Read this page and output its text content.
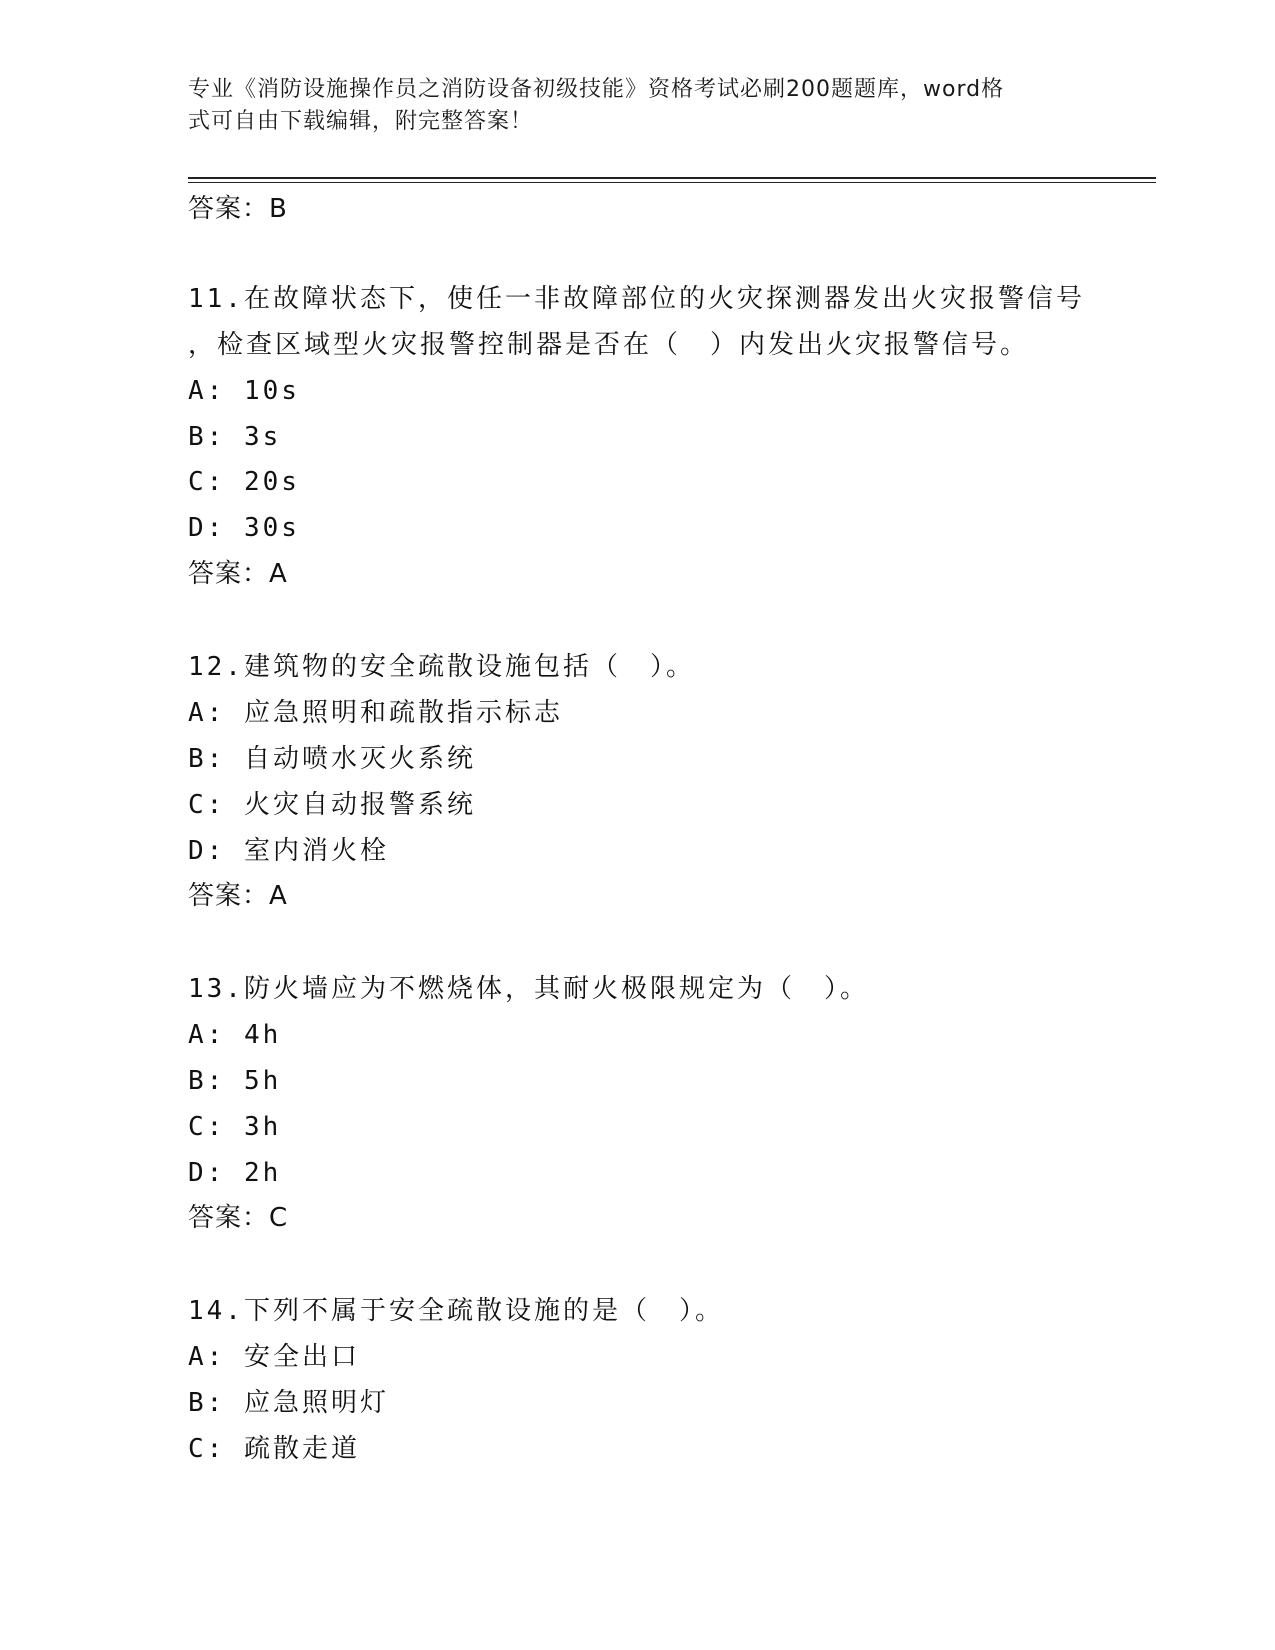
专业《消防设施操作员之消防设备初级技能》资格考试必刷200题题库，word格
式可自由下载编辑，附完整答案！
答案：B
11.在故障状态下，使任一非故障部位的火灾探测器发出火灾报警信号
，检查区域型火灾报警控制器是否在（　）内发出火灾报警信号。
A: 10s
B: 3s
C: 20s
D: 30s
答案：A
12.建筑物的安全疏散设施包括（　）。
A: 应急照明和疏散指示标志
B: 自动喷水灭火系统
C: 火灾自动报警系统
D: 室内消火栓
答案：A
13.防火墙应为不燃烧体，其耐火极限规定为（　）。
A: 4h
B: 5h
C: 3h
D: 2h
答案：C
14.下列不属于安全疏散设施的是（　）。
A: 安全出口
B: 应急照明灯
C: 疏散走道
